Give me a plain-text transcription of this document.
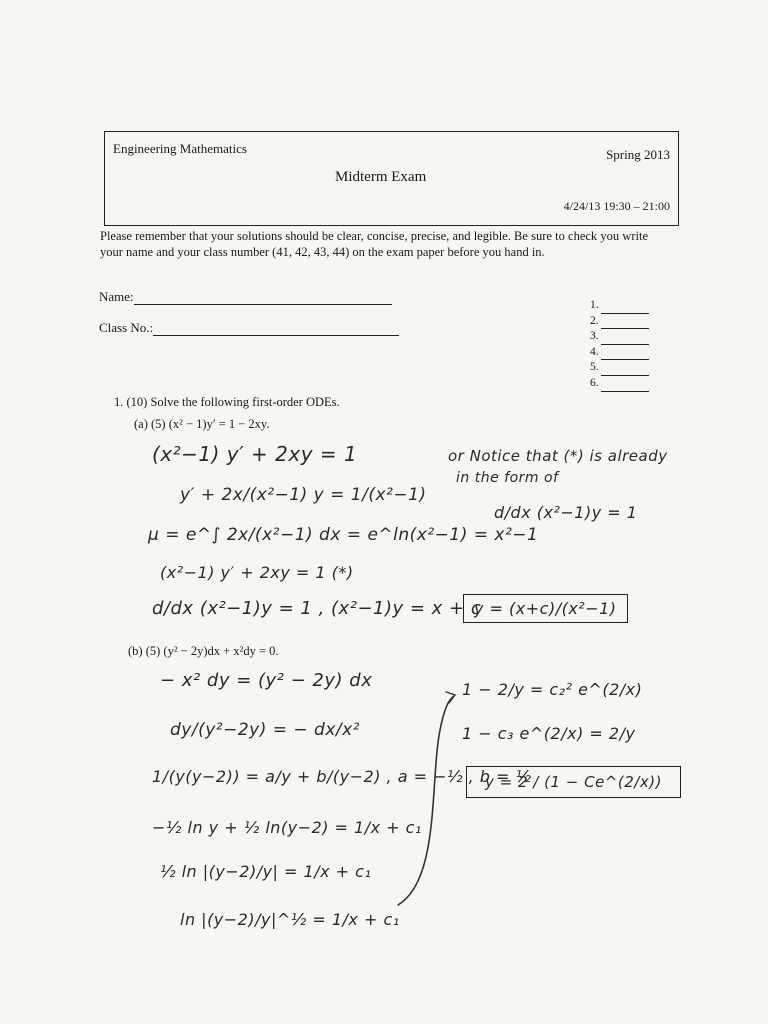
Engineering Mathematics	Spring 2013
Midterm Exam
4/24/13 19:30 – 21:00
Please remember that your solutions should be clear, concise, precise, and legible. Be sure to check you write your name and your class number (41, 42, 43, 44) on the exam paper before you hand in.
Name:
Class No.:
1.
2.
3.
4.
5.
6.
1. (10) Solve the following first-order ODEs.
(a) (5) (x² − 1)y′ = 1 − 2xy.
(x²−1) y′ + 2xy = 1
y′ + 2x/(x²−1) y = 1/(x²−1)
μ = e^∫ 2x/(x²−1) dx = e^ln(x²−1) = x²−1
(x²−1) y′ + 2xy = 1 (*)
d/dx (x²−1)y = 1 , (x²−1)y = x + c
y = (x+c)/(x²−1)
or Notice that (*) is already
in the form of
d/dx (x²−1)y = 1
(b) (5) (y² − 2y)dx + x²dy = 0.
− x² dy = (y² − 2y) dx
dy/(y²−2y) = − dx/x²
1/(y(y−2)) = a/y + b/(y−2) , a = −½ , b = ½
−½ ln y + ½ ln(y−2) = 1/x + c₁
½ ln |(y−2)/y| = 1/x + c₁
ln |(y−2)/y|^½ = 1/x + c₁
1 − 2/y = c₂² e^(2/x)
1 − c₃ e^(2/x) = 2/y
y = 2 / (1 − Ce^(2/x))
